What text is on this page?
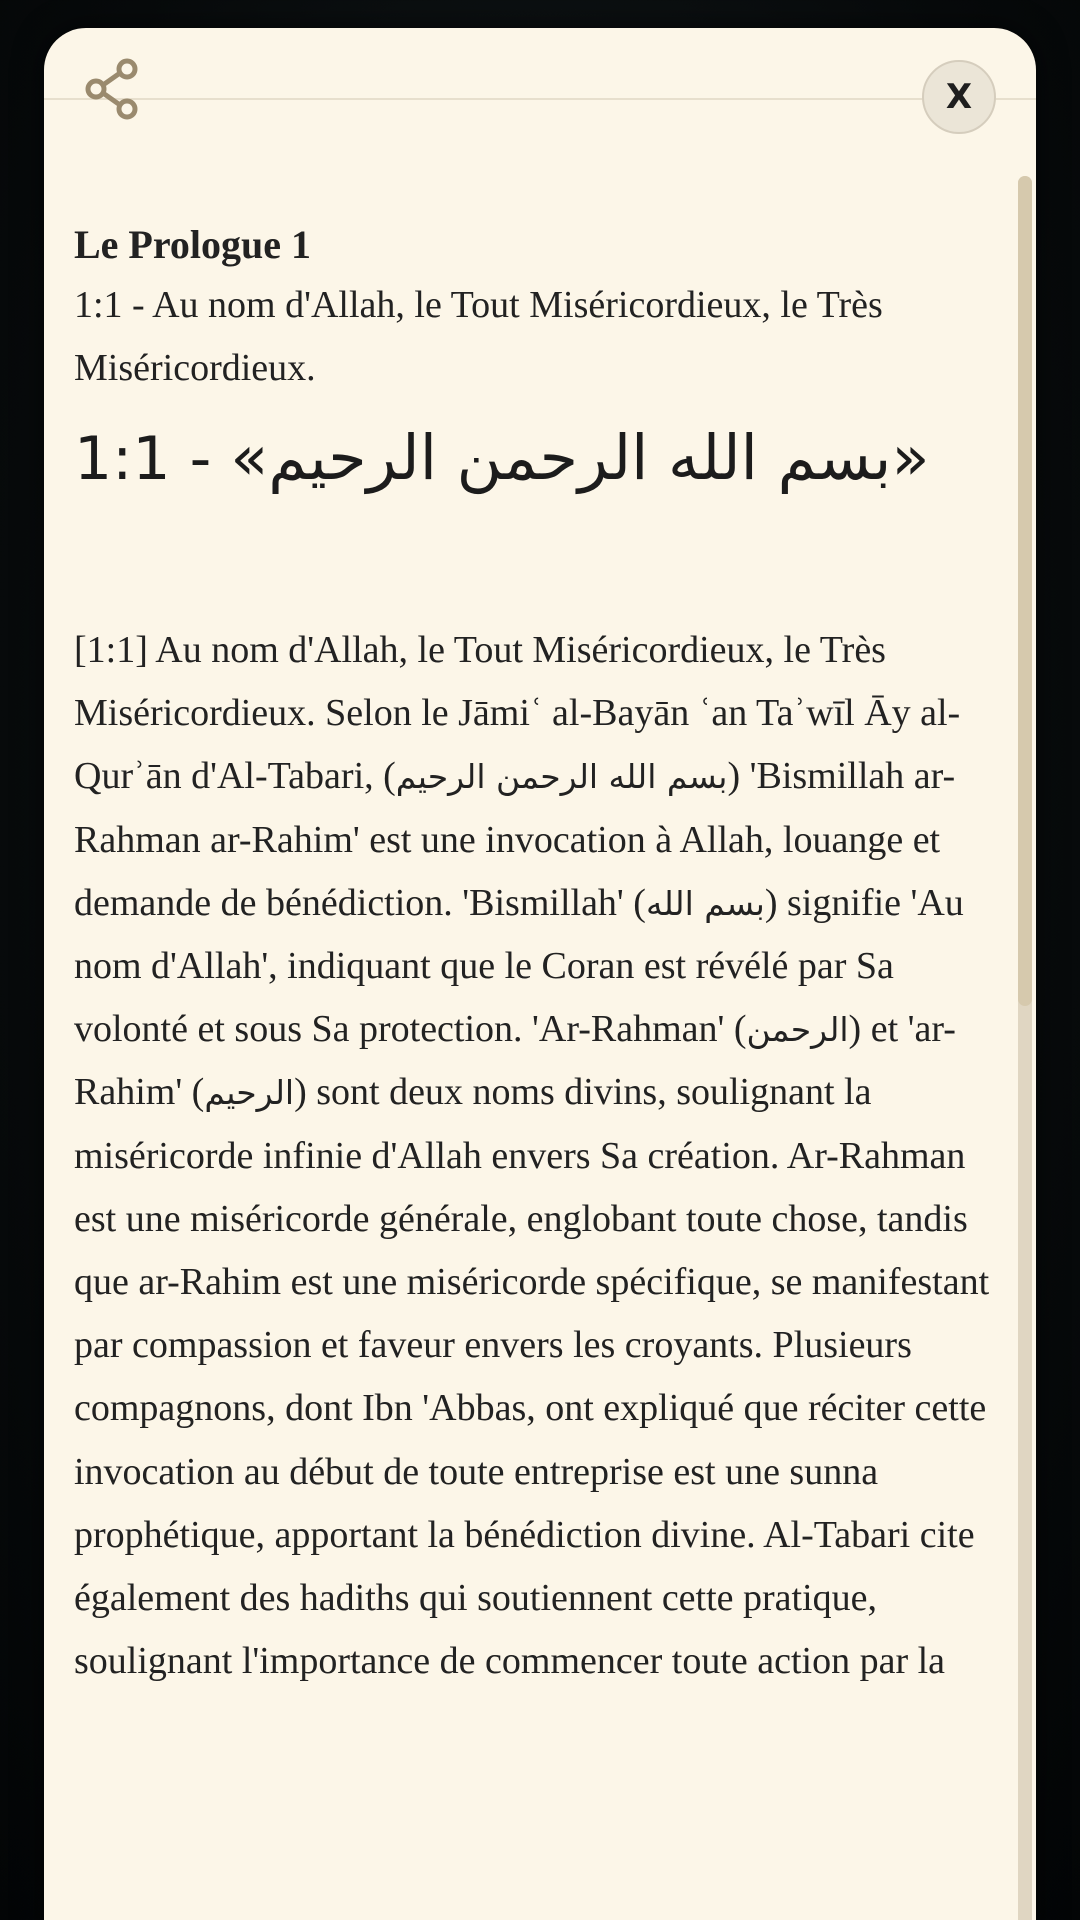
X
Le Prologue 1

1:1 - Au nom d'Allah, le Tout Miséricordieux, le Très Miséricordieux.

1:1 - «بسم الله الرحمن الرحيم»

[1:1] Au nom d'Allah, le Tout Miséricordieux, le Très Miséricordieux. Selon le Jāmiʿ al-Bayān ʿan Taʾwīl Āy al-Qurʾān d'Al-Tabari, (بسم الله الرحمن الرحيم) 'Bismillah ar-Rahman ar-Rahim' est une invocation à Allah, louange et demande de bénédiction. 'Bismillah' (بسم الله) signifie 'Au nom d'Allah', indiquant que le Coran est révélé par Sa volonté et sous Sa protection. 'Ar-Rahman' (الرحمن) et 'ar-Rahim' (الرحيم) sont deux noms divins, soulignant la miséricorde infinie d'Allah envers Sa création. Ar-Rahman est une miséricorde générale, englobant toute chose, tandis que ar-Rahim est une miséricorde spécifique, se manifestant par compassion et faveur envers les croyants. Plusieurs compagnons, dont Ibn 'Abbas, ont expliqué que réciter cette invocation au début de toute entreprise est une sunna prophétique, apportant la bénédiction divine. Al-Tabari cite également des hadiths qui soutiennent cette pratique, soulignant l'importance de commencer toute action par la
